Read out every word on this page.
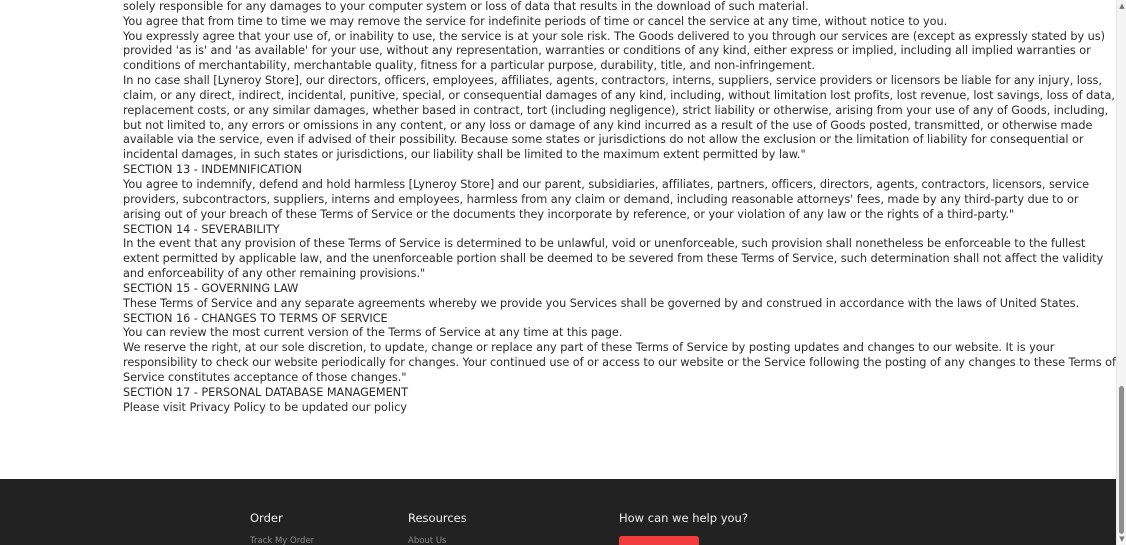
solely responsible for any damages to your computer system or loss of data that results in the download of such material.
You agree that from time to time we may remove the service for indefinite periods of time or cancel the service at any time, without notice to you.
You expressly agree that your use of, or inability to use, the service is at your sole risk. The Goods delivered to you through our services are (except as expressly stated by us)
provided 'as is' and 'as available' for your use, without any representation, warranties or conditions of any kind, either express or implied, including all implied warranties or
conditions of merchantability, merchantable quality, fitness for a particular purpose, durability, title, and non-infringement.
In no case shall [Lyneroy Store], our directors, officers, employees, affiliates, agents, contractors, interns, suppliers, service providers or licensors be liable for any injury, loss,
claim, or any direct, indirect, incidental, punitive, special, or consequential damages of any kind, including, without limitation lost profits, lost revenue, lost savings, loss of data,
replacement costs, or any similar damages, whether based in contract, tort (including negligence), strict liability or otherwise, arising from your use of any of Goods, including,
but not limited to, any errors or omissions in any content, or any loss or damage of any kind incurred as a result of the use of Goods posted, transmitted, or otherwise made
available via the service, even if advised of their possibility. Because some states or jurisdictions do not allow the exclusion or the limitation of liability for consequential or
incidental damages, in such states or jurisdictions, our liability shall be limited to the maximum extent permitted by law."
SECTION 13 - INDEMNIFICATION
You agree to indemnify, defend and hold harmless [Lyneroy Store] and our parent, subsidiaries, affiliates, partners, officers, directors, agents, contractors, licensors, service
providers, subcontractors, suppliers, interns and employees, harmless from any claim or demand, including reasonable attorneys' fees, made by any third-party due to or
arising out of your breach of these Terms of Service or the documents they incorporate by reference, or your violation of any law or the rights of a third-party."
SECTION 14 - SEVERABILITY
In the event that any provision of these Terms of Service is determined to be unlawful, void or unenforceable, such provision shall nonetheless be enforceable to the fullest
extent permitted by applicable law, and the unenforceable portion shall be deemed to be severed from these Terms of Service, such determination shall not affect the validity
and enforceability of any other remaining provisions."
SECTION 15 - GOVERNING LAW
These Terms of Service and any separate agreements whereby we provide you Services shall be governed by and construed in accordance with the laws of United States.
SECTION 16 - CHANGES TO TERMS OF SERVICE
You can review the most current version of the Terms of Service at any time at this page.
We reserve the right, at our sole discretion, to update, change or replace any part of these Terms of Service by posting updates and changes to our website. It is your
responsibility to check our website periodically for changes. Your continued use of or access to our website or the Service following the posting of any changes to these Terms of
Service constitutes acceptance of those changes."
SECTION 17 - PERSONAL DATABASE MANAGEMENT
Please visit Privacy Policy to be updated our policy
Order
Track My Order
Resources
About Us
How can we help you?
▲
▼
